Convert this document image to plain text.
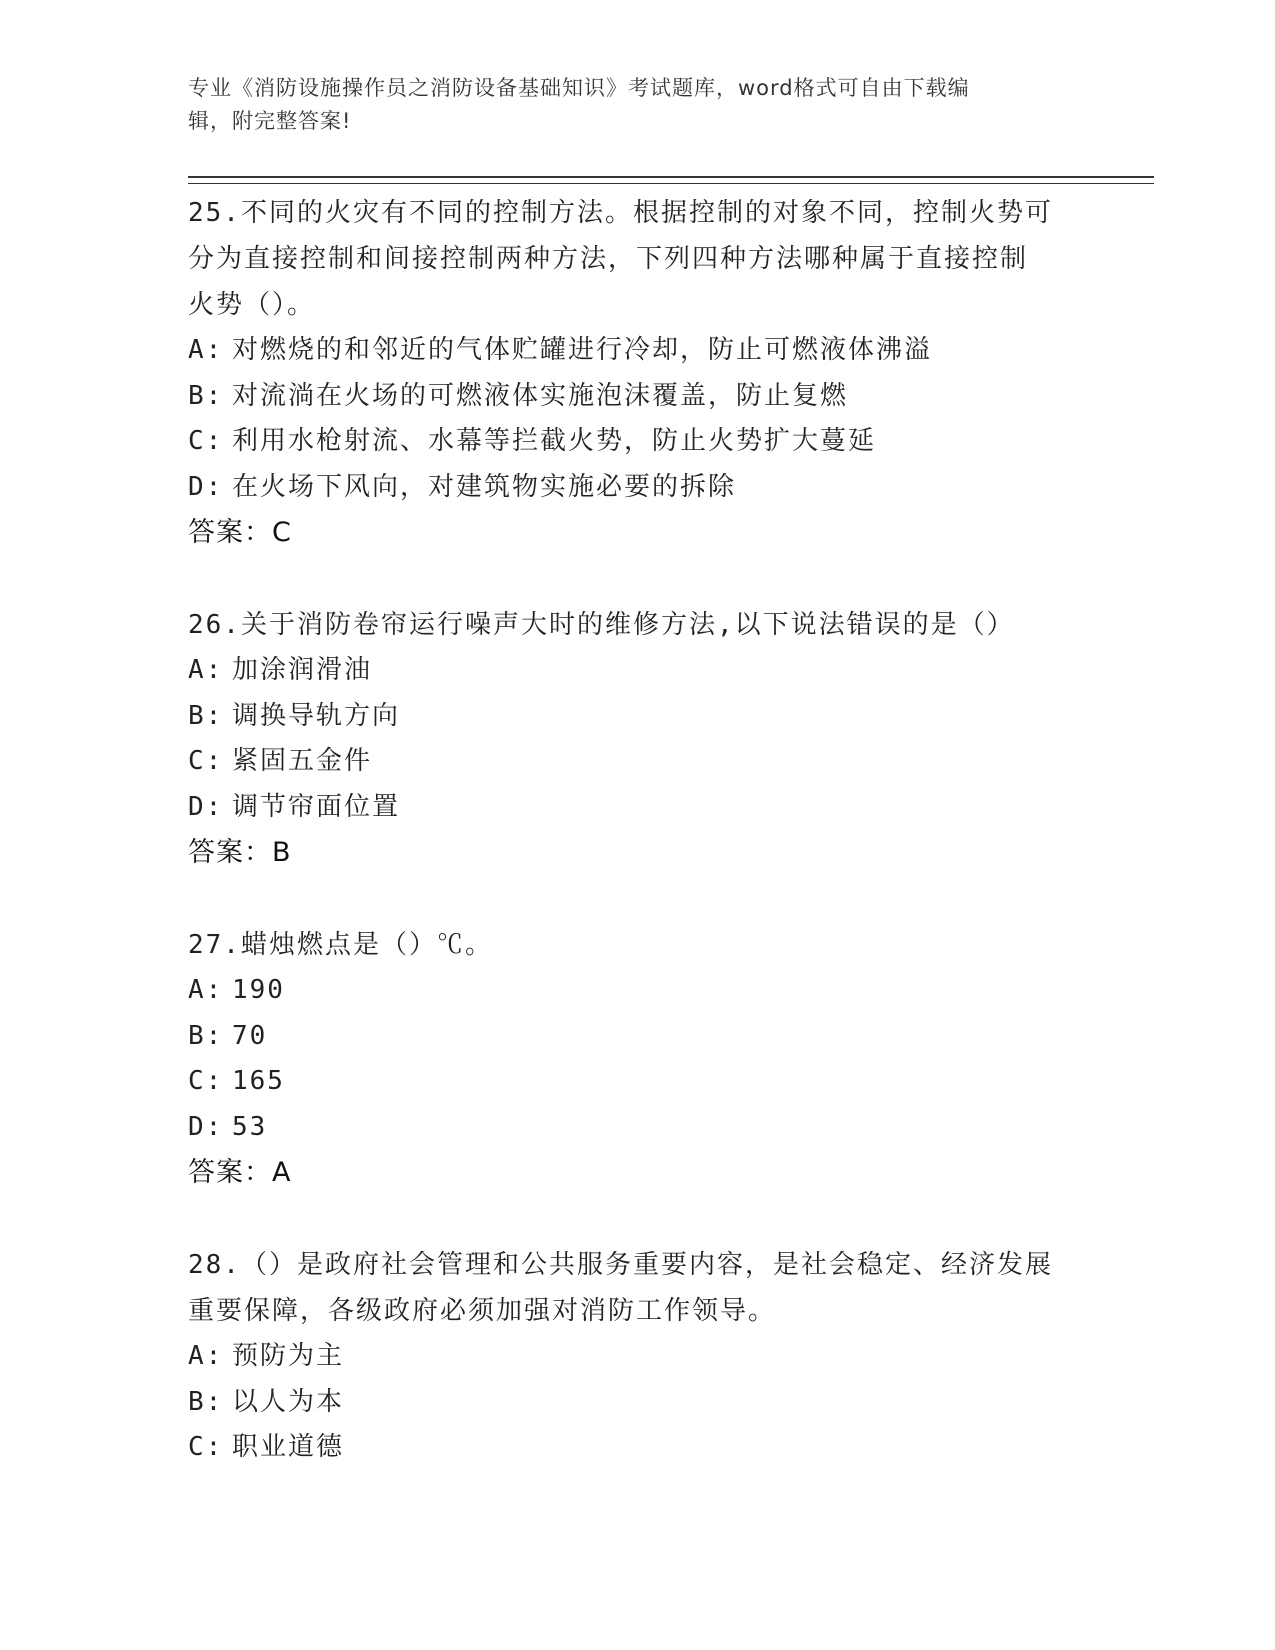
专业《消防设施操作员之消防设备基础知识》考试题库，word格式可自由下载编
辑，附完整答案!

25.不同的火灾有不同的控制方法。根据控制的对象不同，控制火势可

分为直接控制和间接控制两种方法，下列四种方法哪种属于直接控制

火势（）。

A: 对燃烧的和邻近的气体贮罐进行冷却，防止可燃液体沸溢

B: 对流淌在火场的可燃液体实施泡沫覆盖，防止复燃

C: 利用水枪射流、水幕等拦截火势，防止火势扩大蔓延

D: 在火场下风向，对建筑物实施必要的拆除

答案：C

26.关于消防卷帘运行噪声大时的维修方法,以下说法错误的是（）

A: 加涂润滑油

B: 调换导轨方向

C: 紧固五金件

D: 调节帘面位置

答案：B

27.蜡烛燃点是（）℃。

A: 190

B: 70

C: 165

D: 53

答案：A

28.（）是政府社会管理和公共服务重要内容，是社会稳定、经济发展

重要保障，各级政府必须加强对消防工作领导。

A: 预防为主

B: 以人为本

C: 职业道德
